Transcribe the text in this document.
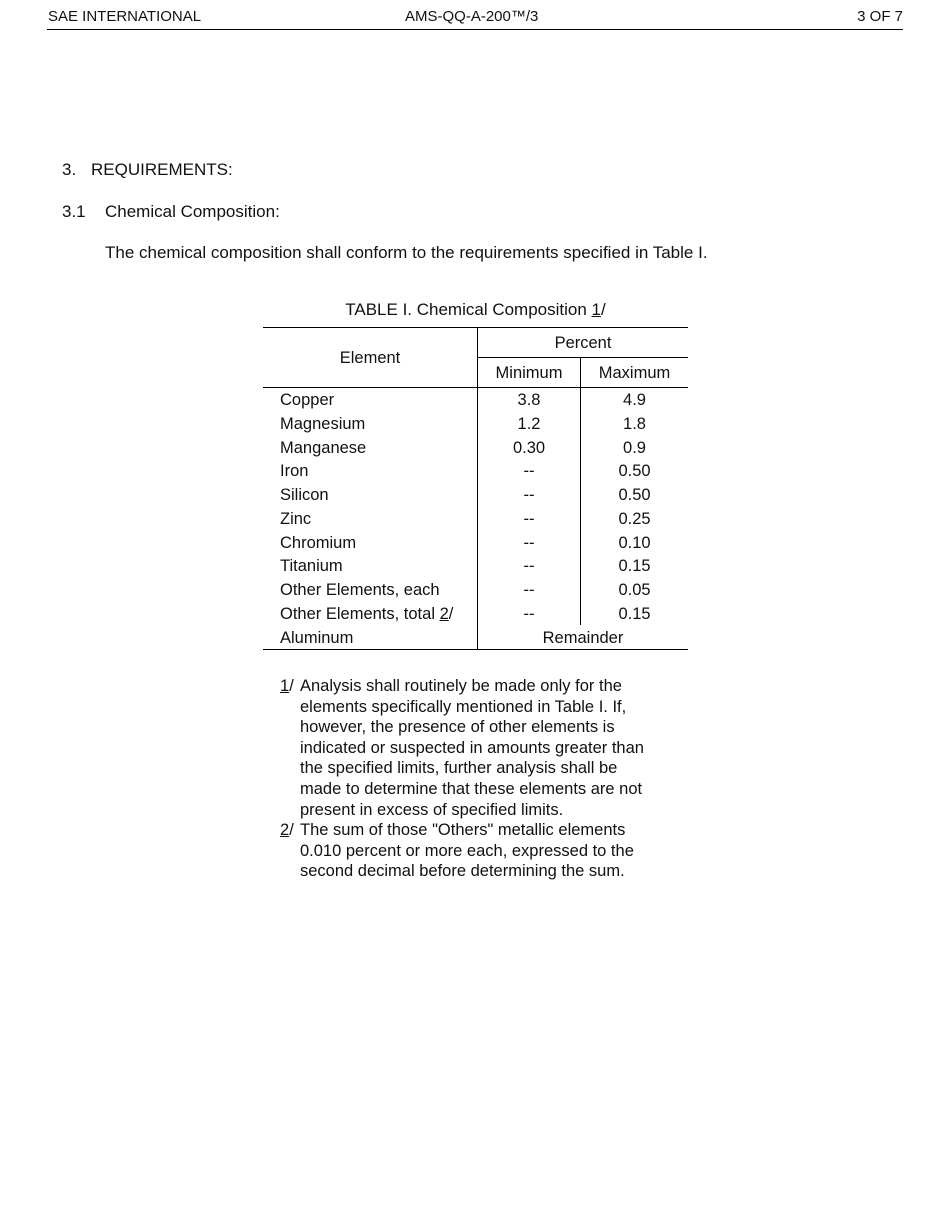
SAE INTERNATIONAL	AMS-QQ-A-200™/3	3 OF 7
3. REQUIREMENTS:
3.1 Chemical Composition:
The chemical composition shall conform to the requirements specified in Table I.
TABLE I. Chemical Composition 1/
Element
Percent
Minimum	Maximum
Copper	3.8	4.9
Magnesium	1.2	1.8
Manganese	0.30	0.9
Iron	--	0.50
Silicon	--	0.50
Zinc	--	0.25
Chromium	--	0.10
Titanium	--	0.15
Other Elements, each	--	0.05
Other Elements, total 2/	--	0.15
Aluminum	Remainder
1/ Analysis shall routinely be made only for the
elements specifically mentioned in Table I. If,
however, the presence of other elements is
indicated or suspected in amounts greater than
the specified limits, further analysis shall be
made to determine that these elements are not
present in excess of specified limits.
2/ The sum of those "Others" metallic elements
0.010 percent or more each, expressed to the
second decimal before determining the sum.
